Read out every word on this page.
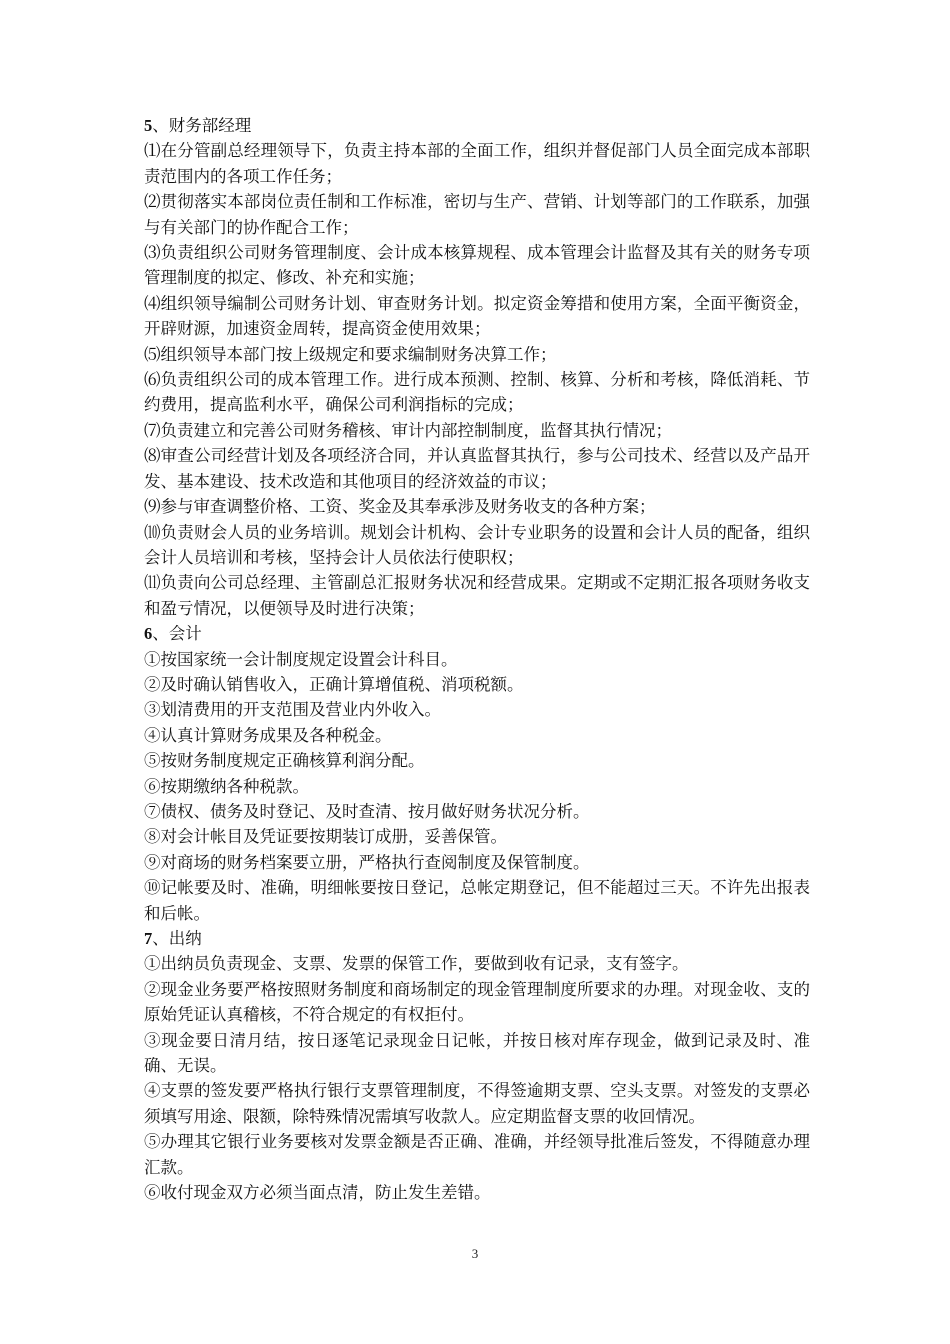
5、财务部经理

⑴在分管副总经理领导下，负责主持本部的全面工作，组织并督促部门人员全面完成本部职责范围内的各项工作任务；

⑵贯彻落实本部岗位责任制和工作标准，密切与生产、营销、计划等部门的工作联系，加强与有关部门的协作配合工作；

⑶负责组织公司财务管理制度、会计成本核算规程、成本管理会计监督及其有关的财务专项管理制度的拟定、修改、补充和实施；

⑷组织领导编制公司财务计划、审查财务计划。拟定资金筹措和使用方案，全面平衡资金，开辟财源，加速资金周转，提高资金使用效果；

⑸组织领导本部门按上级规定和要求编制财务决算工作；

⑹负责组织公司的成本管理工作。进行成本预测、控制、核算、分析和考核，降低消耗、节约费用，提高监利水平，确保公司利润指标的完成；

⑺负责建立和完善公司财务稽核、审计内部控制制度，监督其执行情况；

⑻审查公司经营计划及各项经济合同，并认真监督其执行，参与公司技术、经营以及产品开发、基本建设、技术改造和其他项目的经济效益的市议；

⑼参与审查调整价格、工资、奖金及其奉承涉及财务收支的各种方案；

⑽负责财会人员的业务培训。规划会计机构、会计专业职务的设置和会计人员的配备，组织会计人员培训和考核，坚持会计人员依法行使职权；

⑾负责向公司总经理、主管副总汇报财务状况和经营成果。定期或不定期汇报各项财务收支和盈亏情况，以便领导及时进行决策；

6、会计

①按国家统一会计制度规定设置会计科目。

②及时确认销售收入，正确计算增值税、消项税额。

③划清费用的开支范围及营业内外收入。

④认真计算财务成果及各种税金。

⑤按财务制度规定正确核算利润分配。

⑥按期缴纳各种税款。

⑦债权、债务及时登记、及时查清、按月做好财务状况分析。

⑧对会计帐目及凭证要按期装订成册，妥善保管。

⑨对商场的财务档案要立册，严格执行查阅制度及保管制度。

⑩记帐要及时、准确，明细帐要按日登记，总帐定期登记，但不能超过三天。不许先出报表和后帐。

7、出纳

①出纳员负责现金、支票、发票的保管工作，要做到收有记录，支有签字。

②现金业务要严格按照财务制度和商场制定的现金管理制度所要求的办理。对现金收、支的原始凭证认真稽核，不符合规定的有权拒付。

③现金要日清月结，按日逐笔记录现金日记帐，并按日核对库存现金，做到记录及时、准确、无误。

④支票的签发要严格执行银行支票管理制度，不得签逾期支票、空头支票。对签发的支票必须填写用途、限额，除特殊情况需填写收款人。应定期监督支票的收回情况。

⑤办理其它银行业务要核对发票金额是否正确、准确，并经领导批准后签发，不得随意办理汇款。

⑥收付现金双方必须当面点清，防止发生差错。

3
